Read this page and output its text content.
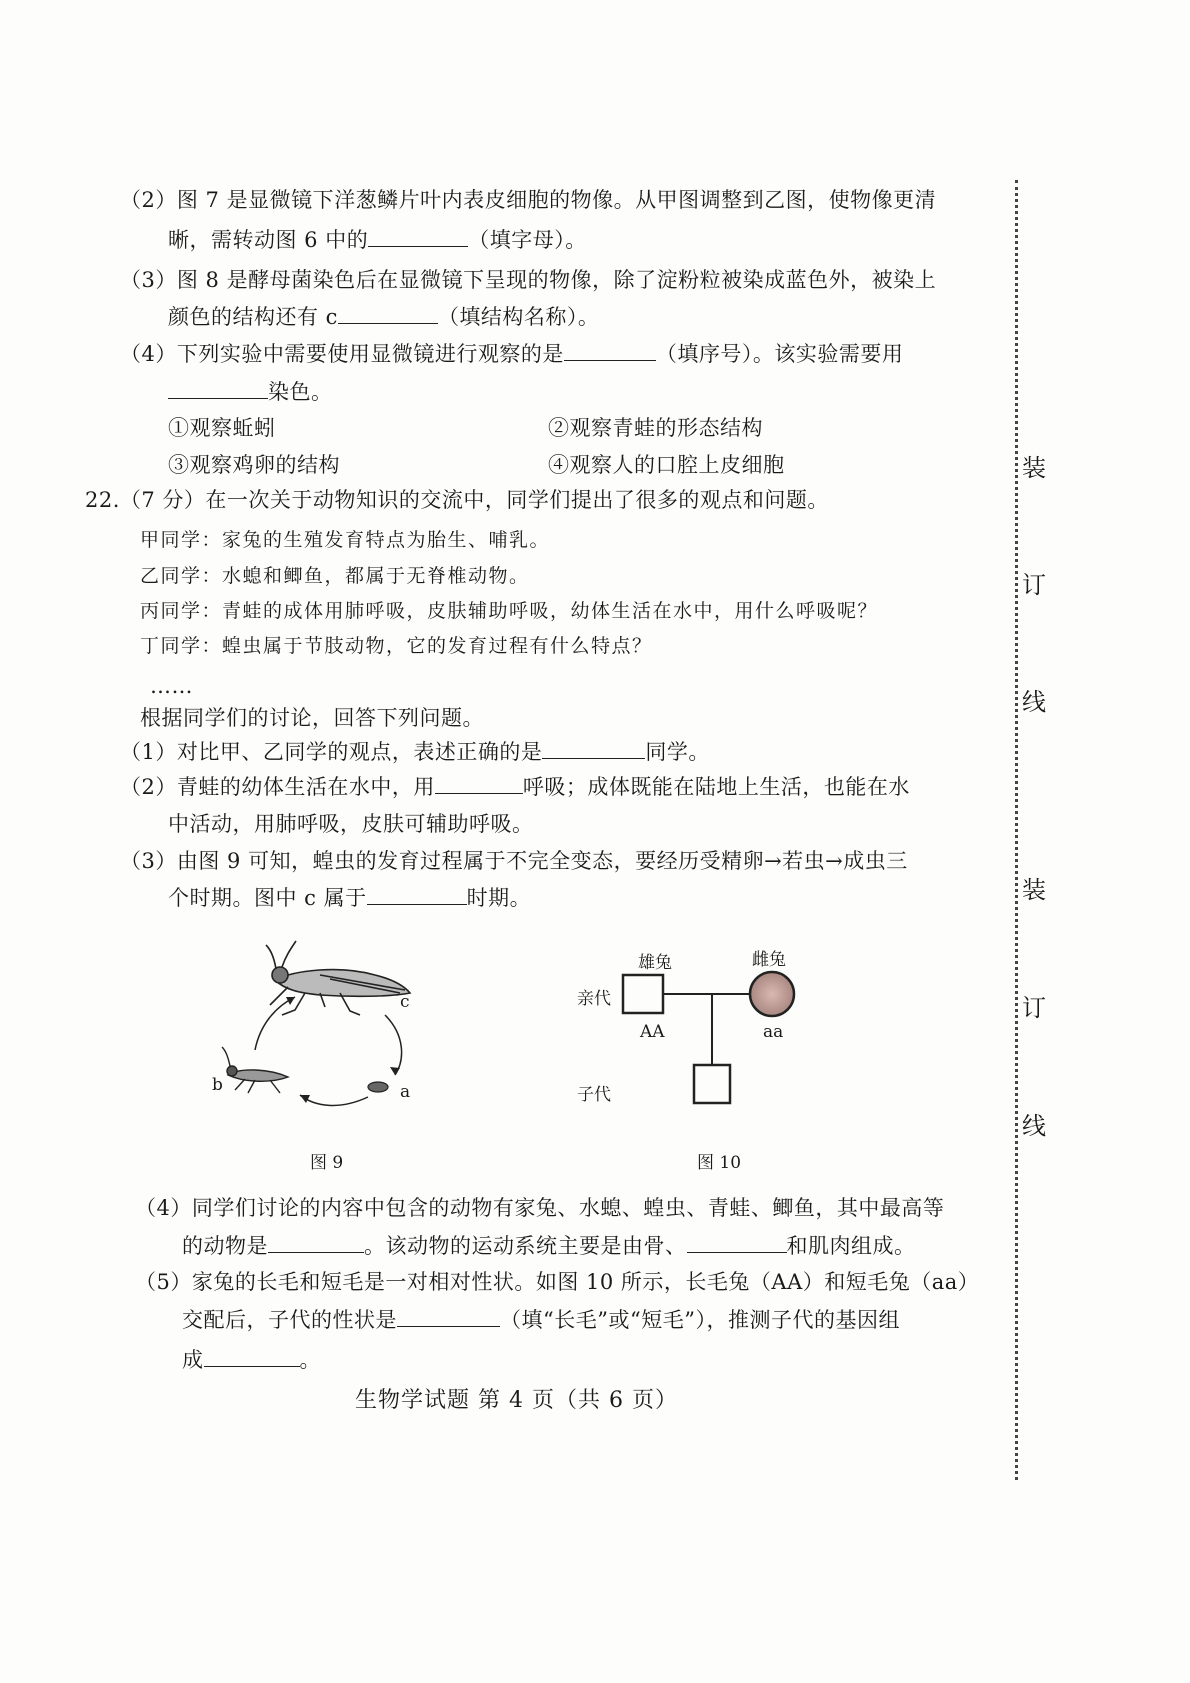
装
订
线
装
订
线
（2）图 7 是显微镜下洋葱鳞片叶内表皮细胞的物像。从甲图调整到乙图，使物像更清
晰，需转动图 6 中的	（填字母）。
（3）图 8 是酵母菌染色后在显微镜下呈现的物像，除了淀粉粒被染成蓝色外，被染上
颜色的结构还有 c	（填结构名称）。
（4）下列实验中需要使用显微镜进行观察的是	（填序号）。该实验需要用
染色。
①观察蚯蚓	②观察青蛙的形态结构
③观察鸡卵的结构	④观察人的口腔上皮细胞
22.（7 分）在一次关于动物知识的交流中，同学们提出了很多的观点和问题。
甲同学：家兔的生殖发育特点为胎生、哺乳。
乙同学：水螅和鲫鱼，都属于无脊椎动物。
丙同学：青蛙的成体用肺呼吸，皮肤辅助呼吸，幼体生活在水中，用什么呼吸呢？
丁同学：蝗虫属于节肢动物，它的发育过程有什么特点？
……
根据同学们的讨论，回答下列问题。
（1）对比甲、乙同学的观点，表述正确的是	同学。
（2）青蛙的幼体生活在水中，用	呼吸；成体既能在陆地上生活，也能在水
中活动，用肺呼吸，皮肤可辅助呼吸。
（3）由图 9 可知，蝗虫的发育过程属于不完全变态，要经历受精卵→若虫→成虫三
个时期。图中 c 属于	时期。
c
b	a
图 9
雄兔	雌兔
亲代
AA	aa
子代
图 10
（4）同学们讨论的内容中包含的动物有家兔、水螅、蝗虫、青蛙、鲫鱼，其中最高等
的动物是	。该动物的运动系统主要是由骨、	和肌肉组成。
（5）家兔的长毛和短毛是一对相对性状。如图 10 所示，长毛兔（AA）和短毛兔（aa）
交配后，子代的性状是	（填“长毛”或“短毛”），推测子代的基因组
成	。
生物学试题 第 4 页（共 6 页）
